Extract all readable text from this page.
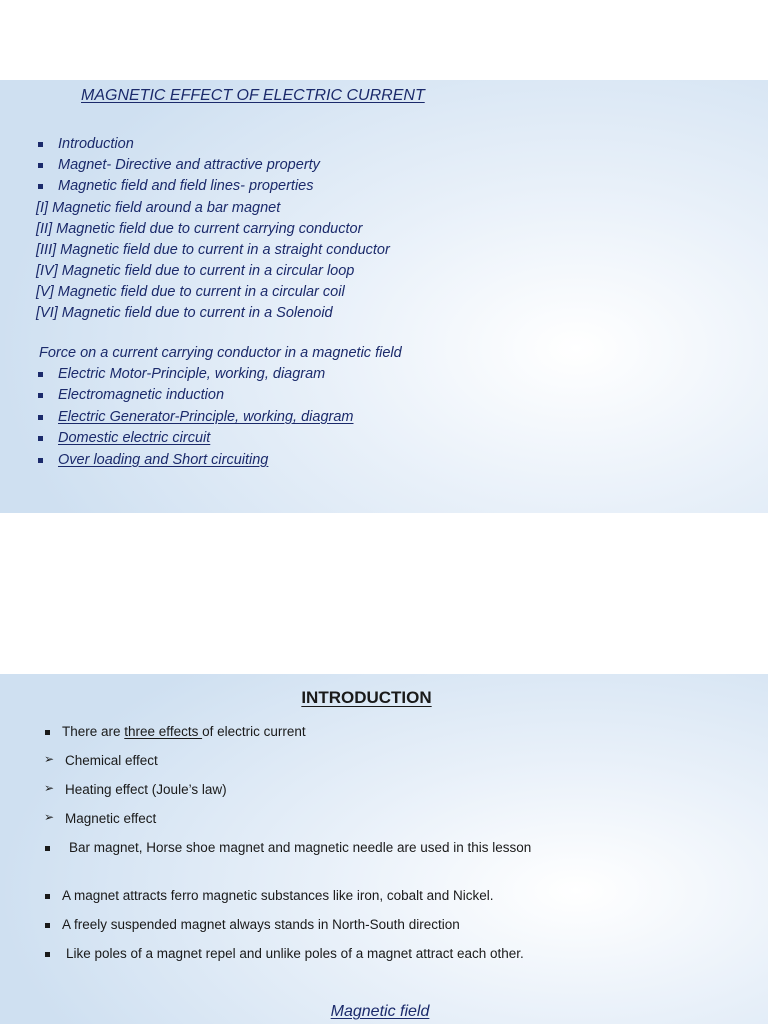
MAGNETIC EFFECT OF ELECTRIC CURRENT
Introduction
Magnet- Directive and attractive property
Magnetic field and field lines- properties
[I] Magnetic field around a bar magnet
[II] Magnetic field due to current carrying conductor
[III] Magnetic field due to current in a straight conductor
[IV] Magnetic field due to current in a circular loop
[V] Magnetic field due to current in a circular coil
[VI] Magnetic field due to current in a Solenoid
Force on a current carrying conductor in a magnetic field
Electric Motor-Principle, working, diagram
Electromagnetic induction
Electric Generator-Principle, working, diagram
Domestic electric circuit
Over loading and Short circuiting
INTRODUCTION
There are three effects of electric current
➢ Chemical effect
➢ Heating effect (Joule’s law)
➢ Magnetic effect
Bar magnet, Horse shoe magnet and magnetic needle are used in this lesson
A magnet attracts ferro magnetic substances like iron, cobalt and Nickel.
A freely suspended magnet always stands in North-South direction
Like poles of a magnet repel and unlike poles of a magnet attract each other.
Magnetic field
